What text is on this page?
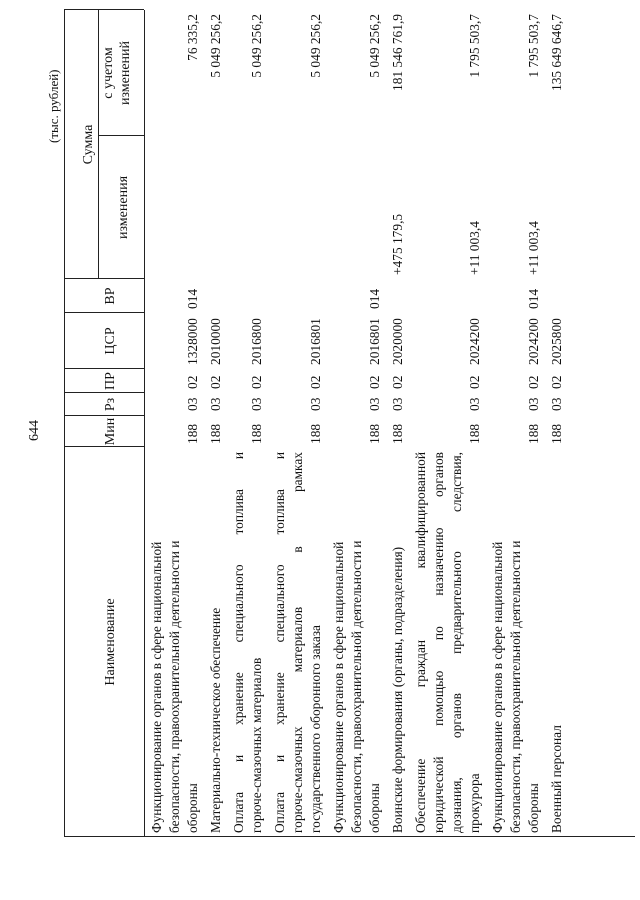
644
(тыс. рублей)
Наименование
Мин
Рз
ПР
ЦСР
ВР
Сумма
изменения
с учетом изменений
Функционирование органов в сфере национальной безопасности, правоохранительной деятельности и обороны
188
03
02
1328000
014
76 335,2
Материально-техническое обеспечение
188
03
02
2010000
5 049 256,2
Оплата и хранение специального топлива и горюче-смазочных материалов
188
03
02
2016800
5 049 256,2
Оплата и хранение специального топлива и горюче-смазочных материалов в рамках государственного оборонного заказа
188
03
02
2016801
5 049 256,2
Функционирование органов в сфере национальной безопасности, правоохранительной деятельности и обороны
188
03
02
2016801
014
5 049 256,2
Воинские формирования (органы, подразделения)
188
03
02
2020000
+475 179,5
181 546 761,9
Обеспечение граждан квалифицированной юридической помощью по назначению органов дознания, органов предварительного следствия, прокурора
188
03
02
2024200
+11 003,4
1 795 503,7
Функционирование органов в сфере национальной безопасности, правоохранительной деятельности и обороны
188
03
02
2024200
014
+11 003,4
1 795 503,7
Военный персонал
188
03
02
2025800
135 649 646,7
